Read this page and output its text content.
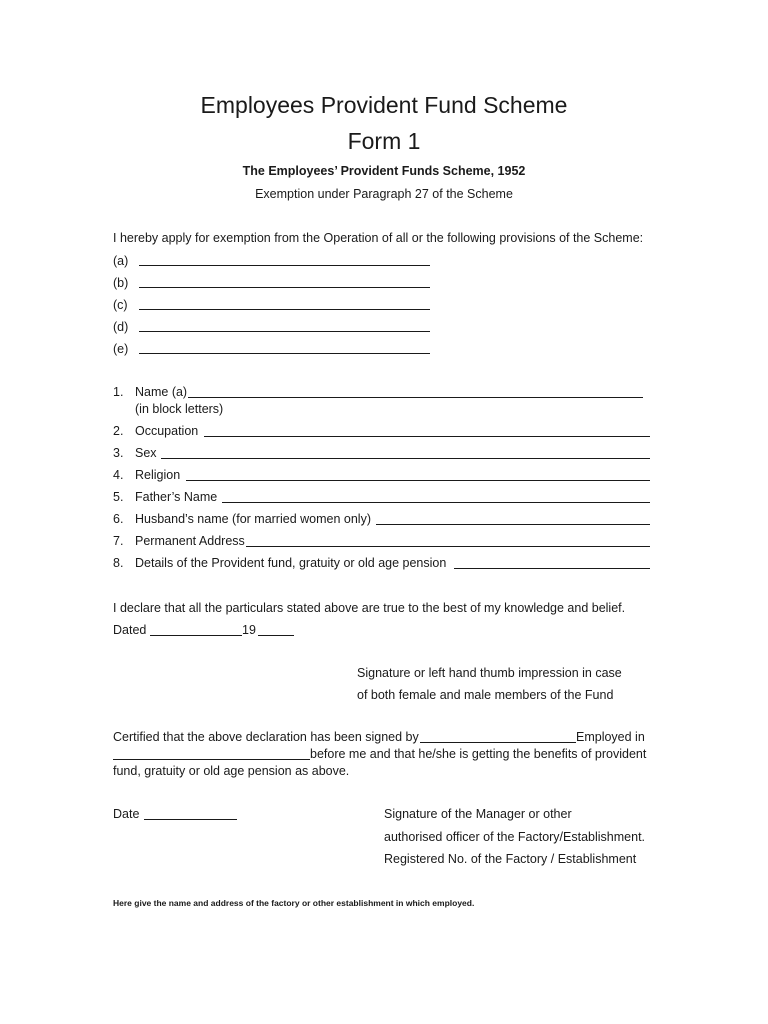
Employees Provident Fund Scheme
Form 1
The Employees’ Provident Funds Scheme, 1952
Exemption under Paragraph 27 of the Scheme
I hereby apply for exemption from the Operation of all or the following provisions of the Scheme:
(a)
(b)
(c)
(d)
(e)
1. Name (a)
(in block letters)
2. Occupation
3. Sex
4. Religion
5. Father’s Name
6. Husband’s name (for married women only)
7. Permanent Address
8. Details of the Provident fund, gratuity or old age pension
I declare that all the particulars stated above are true to the best of my knowledge and belief.
Dated	19
Signature or left hand thumb impression in case
of both female and male members of the Fund
Certified that the above declaration has been signed by	Employed in
before me and that he/she is getting the benefits of provident
fund, gratuity or old age pension as above.
Date	Signature of the Manager or other
authorised officer of the Factory/Establishment.
Registered No. of the Factory / Establishment
Here give the name and address of the factory or other establishment in which employed.
